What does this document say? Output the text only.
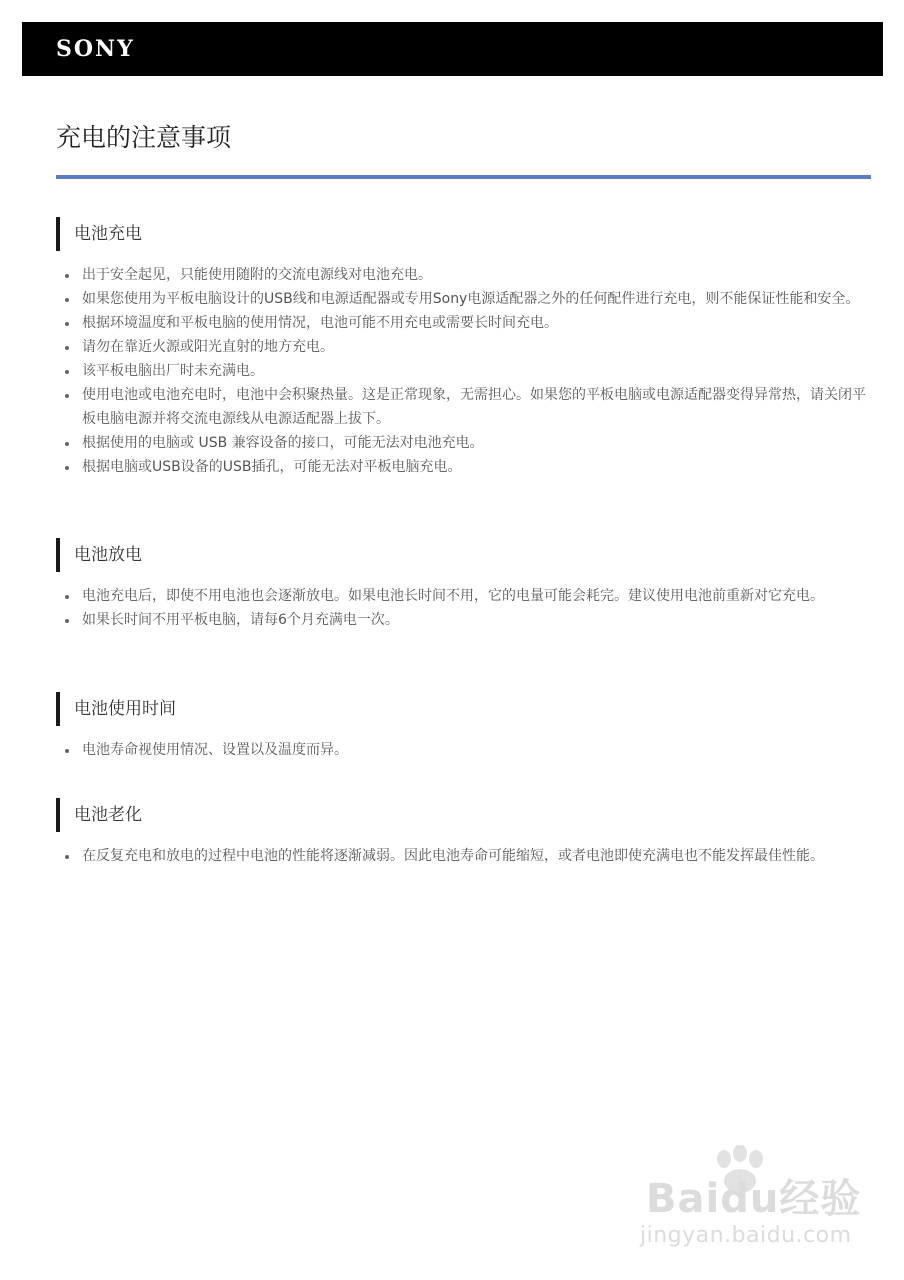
SONY
充电的注意事项
电池充电
出于安全起见，只能使用随附的交流电源线对电池充电。
如果您使用为平板电脑设计的USB线和电源适配器或专用Sony电源适配器之外的任何配件进行充电，则不能保证性能和安全。
根据环境温度和平板电脑的使用情况，电池可能不用充电或需要长时间充电。
请勿在靠近火源或阳光直射的地方充电。
该平板电脑出厂时未充满电。
使用电池或电池充电时，电池中会积聚热量。这是正常现象，无需担心。如果您的平板电脑或电源适配器变得异常热，请关闭平板电脑电源并将交流电源线从电源适配器上拔下。
根据使用的电脑或 USB 兼容设备的接口，可能无法对电池充电。
根据电脑或USB设备的USB插孔，可能无法对平板电脑充电。
电池放电
电池充电后，即使不用电池也会逐渐放电。如果电池长时间不用，它的电量可能会耗完。建议使用电池前重新对它充电。
如果长时间不用平板电脑，请每6个月充满电一次。
电池使用时间
电池寿命视使用情况、设置以及温度而异。
电池老化
在反复充电和放电的过程中电池的性能将逐渐减弱。因此电池寿命可能缩短，或者电池即使充满电也不能发挥最佳性能。
Baidu经验
jingyan.baidu.com
